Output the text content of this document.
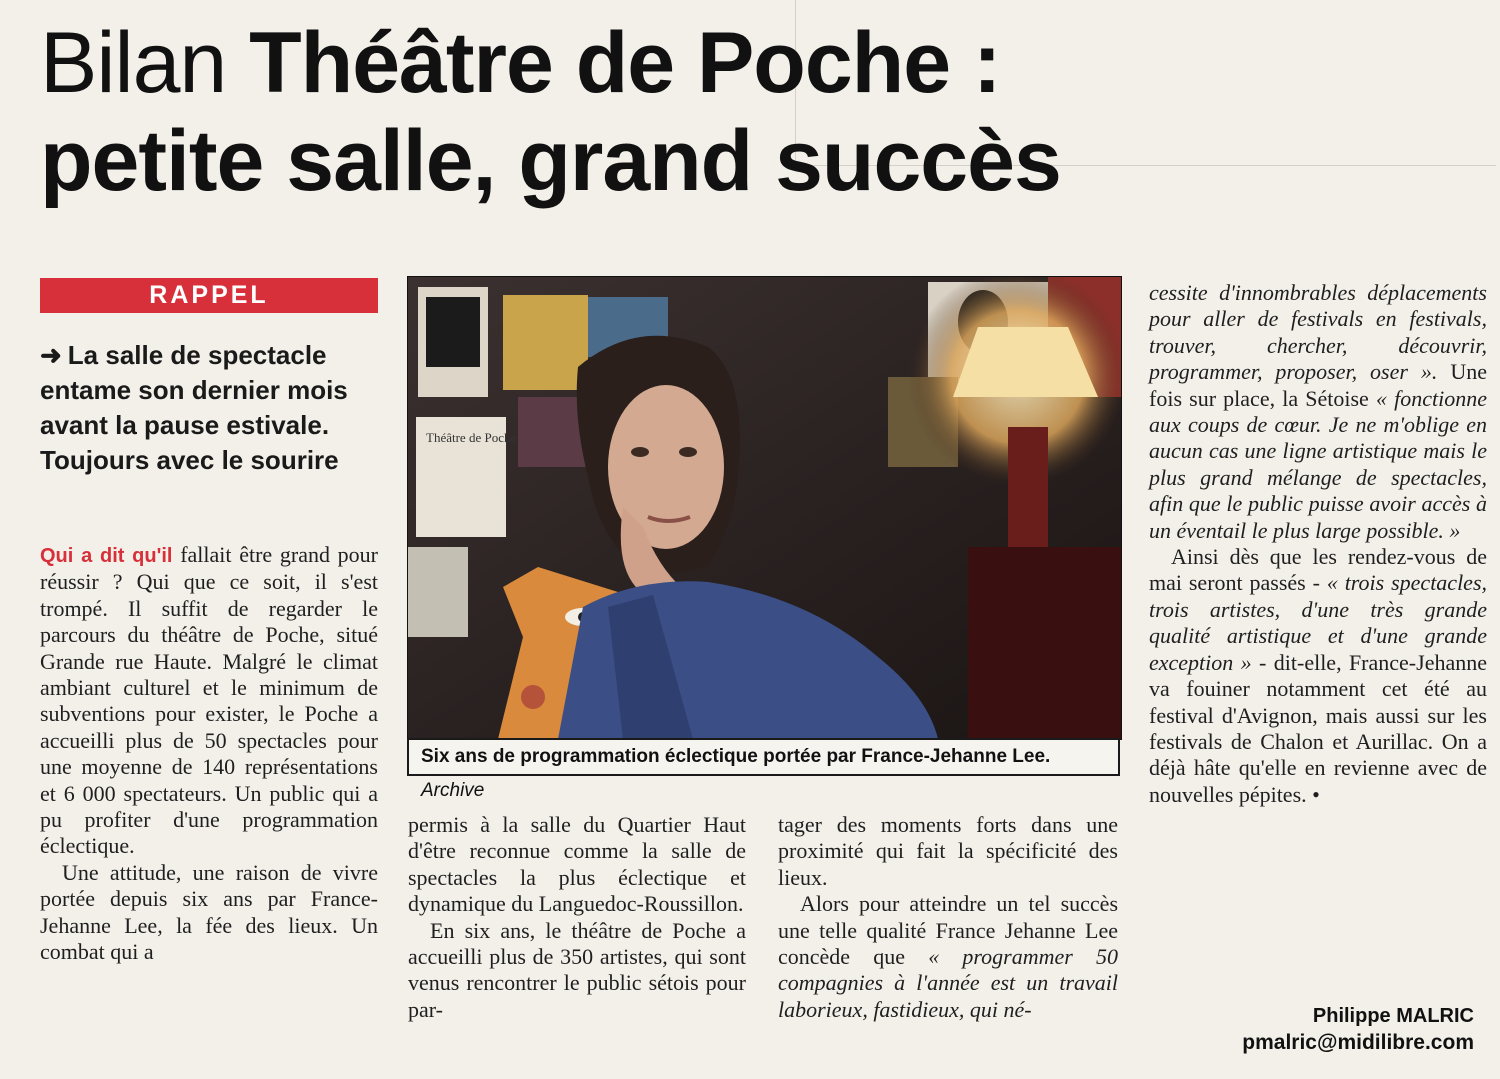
Bilan Théâtre de Poche :
petite salle, grand succès
RAPPEL
➜ La salle de spectacle entame son dernier mois avant la pause estivale. Toujours avec le sourire
Qui a dit qu'il fallait être grand pour réussir ? Qui que ce soit, il s'est trompé. Il suffit de regarder le parcours du théâtre de Poche, situé Grande rue Haute. Malgré le climat ambiant culturel et le minimum de subventions pour exister, le Poche a accueilli plus de 50 spectacles pour une moyenne de 140 représentations et 6 000 spectateurs. Un public qui a pu profiter d'une programmation éclectique.
Une attitude, une raison de vivre portée depuis six ans par France-Jehanne Lee, la fée des lieux. Un combat qui a
Théâtre de Poche
Six ans de programmation éclectique portée par France-Jehanne Lee. Archive
permis à la salle du Quartier Haut d'être reconnue comme la salle de spectacles la plus éclectique et dynamique du Languedoc-Roussillon.
En six ans, le théâtre de Poche a accueilli plus de 350 artistes, qui sont venus rencontrer le public sétois pour par-
tager des moments forts dans une proximité qui fait la spécificité des lieux.
Alors pour atteindre un tel succès une telle qualité France Jehanne Lee concède que « programmer 50 compagnies à l'année est un travail laborieux, fastidieux, qui né-
cessite d'innombrables déplacements pour aller de festivals en festivals, trouver, chercher, découvrir, programmer, proposer, oser ». Une fois sur place, la Sétoise « fonctionne aux coups de cœur. Je ne m'oblige en aucun cas une ligne artistique mais le plus grand mélange de spectacles, afin que le public puisse avoir accès à un éventail le plus large possible. »
Ainsi dès que les rendez-vous de mai seront passés - « trois spectacles, trois artistes, d'une très grande qualité artistique et d'une grande exception » - dit-elle, France-Jehanne va fouiner notamment cet été au festival d'Avignon, mais aussi sur les festivals de Chalon et Aurillac. On a déjà hâte qu'elle en revienne avec de nouvelles pépites. •
Philippe MALRIC
pmalric@midilibre.com
